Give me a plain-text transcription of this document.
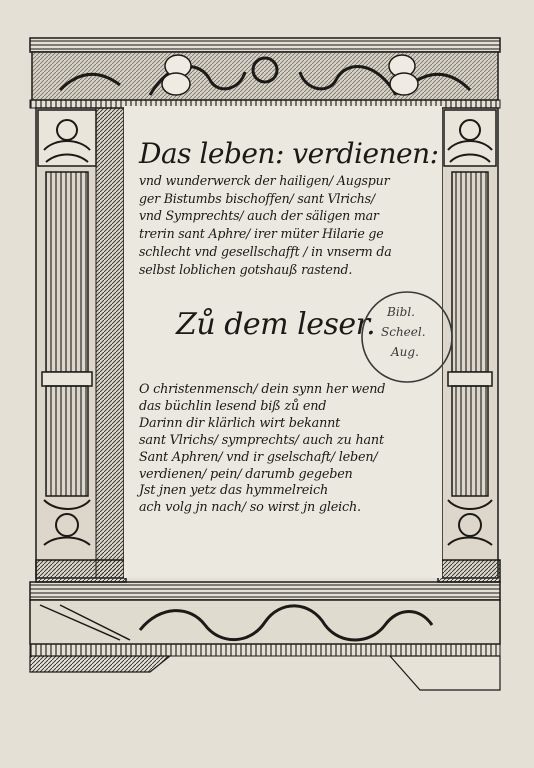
Das leben: verdienen:
vnd wunderwerck der hailigen/ Augspur
ger Bistumbs bischoffen/ sant Vlrichs/
vnd Symprechts/ auch der säligen mar
trerin sant Aphre/ irer müter Hilarie ge
schlecht vnd gesellschafft / in vnserm da
selbst loblichen gotshauß rastend.
Zů dem leser.
O christenmensch/ dein synn her wend
das büchlin lesend biß zů end
Darinn dir klärlich wirt bekannt
sant Vlrichs/ symprechts/ auch zu hant
Sant Aphren/ vnd ir gselschaft/ leben/
verdienen/ pein/ darumb gegeben
Jst jnen yetz das hymmelreich
ach volg jn nach/ so wirst jn gleich.
Bibl.
Scheel.
Aug.
